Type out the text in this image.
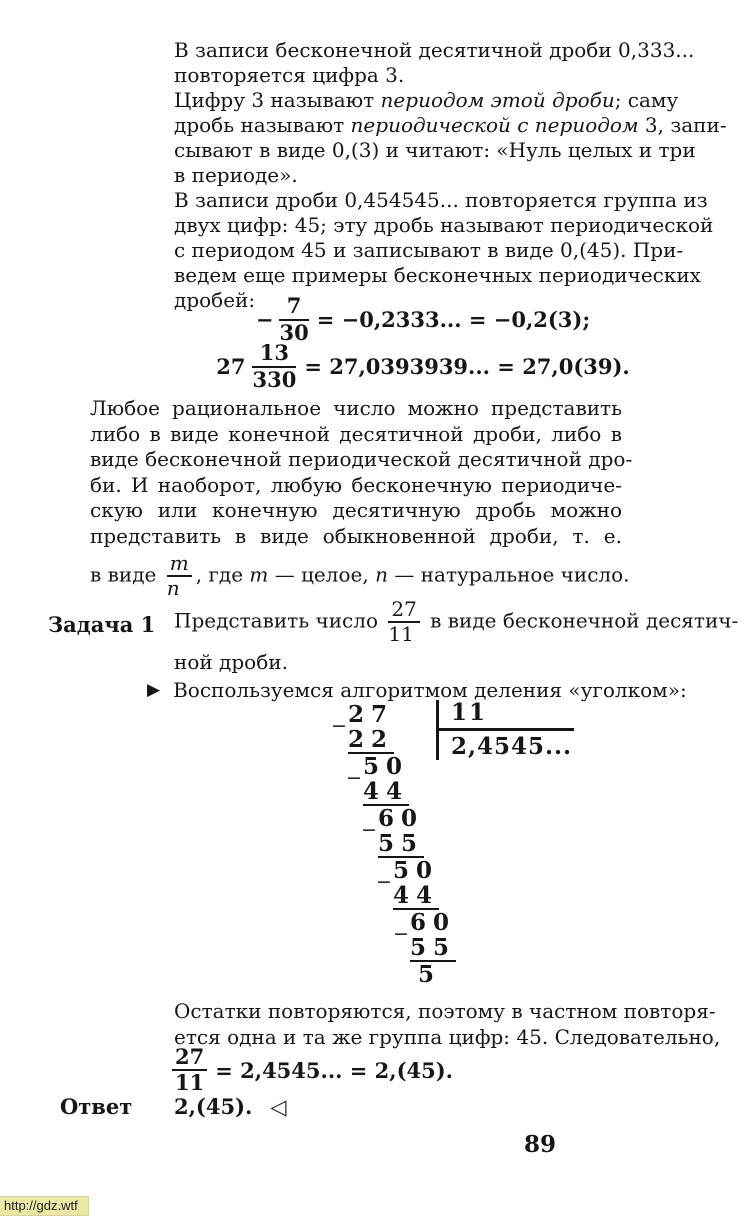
В записи бесконечной десятичной дроби 0,333...
повторяется цифра 3.
Цифру 3 называют периодом этой дроби; саму
дробь называют периодической с периодом 3, запи-
сывают в виде 0,(3) и читают: «Нуль целых и три
в периоде».
В записи дроби 0,454545... повторяется группа из
двух цифр: 45; эту дробь называют периодической
с периодом 45 и записывают в виде 0,(45). При-
ведем еще примеры бесконечных периодических
дробей:
− $\frac{7}{30} = -0,2333$... = −0,2(3);
$27 \frac{13}{330} = 27,0393939$... = 27,0(39).
Любое рациональное число можно представить
либо в виде конечной десятичной дроби, либо в
виде бесконечной периодической десятичной дро-
би. И наоборот, любую бесконечную периодиче-
скую или конечную десятичную дробь можно
представить в виде обыкновенной дроби, т. е.
в виде $\frac{m}{n}$ , где m — целое, n — натуральное число.
Задача 1 Представить число $\frac{27}{11}$ в виде бесконечной десятич-
ной дроби.
▶ Воспользуемся алгоритмом деления «уголком»:
11
2,4545...
− 27
22
− 50
44
− 60
55
− 50
44
− 60
55
5
Остатки повторяются, поэтому в частном повторя-
ется одна и та же группа цифр: 45. Следовательно,
$\frac{27}{11} = 2,4545$... = 2,(45).
Ответ 2,(45). ◁
89
http://gdz.wtf
